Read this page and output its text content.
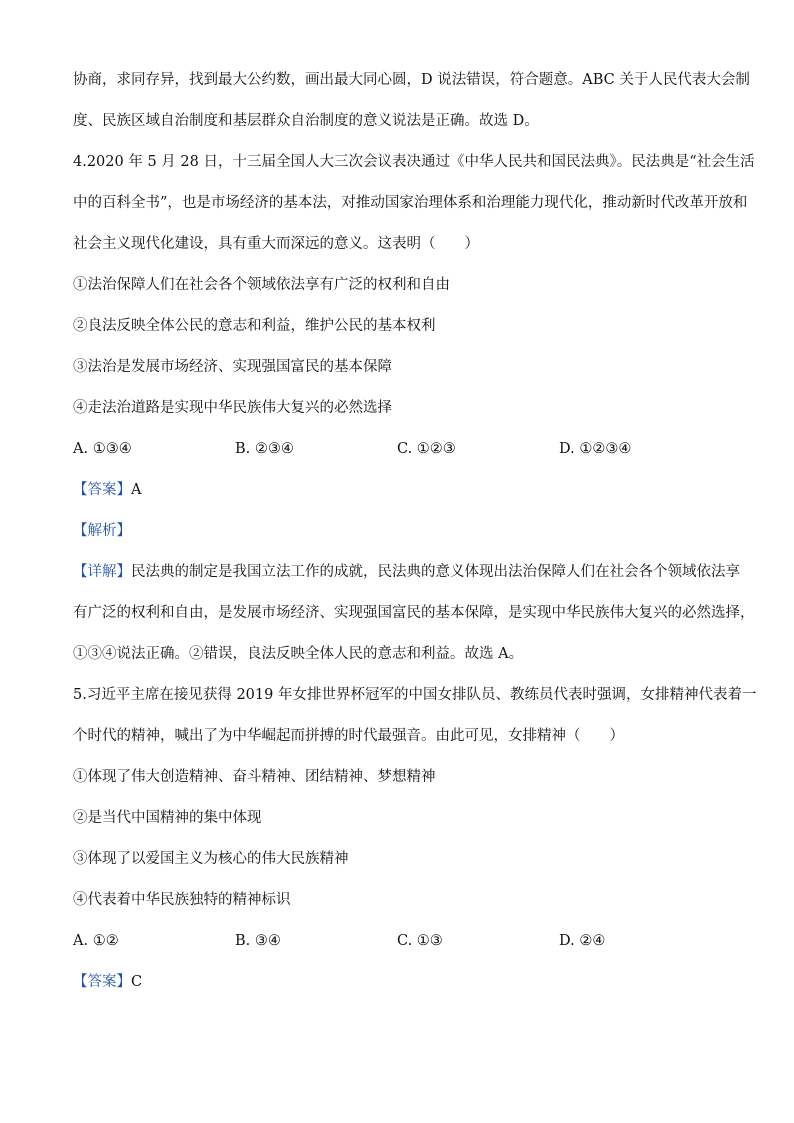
协商，求同存异，找到最大公约数，画出最大同心圆，D 说法错误，符合题意。ABC 关于人民代表大会制
度、民族区域自治制度和基层群众自治制度的意义说法是正确。故选 D。
4.2020 年 5 月 28 日，十三届全国人大三次会议表决通过《中华人民共和国民法典》。民法典是“社会生活
中的百科全书”，也是市场经济的基本法，对推动国家治理体系和治理能力现代化，推动新时代改革开放和
社会主义现代化建设，具有重大而深远的意义。这表明（　　）
①法治保障人们在社会各个领域依法享有广泛的权利和自由
②良法反映全体公民的意志和利益，维护公民的基本权利
③法治是发展市场经济、实现强国富民的基本保障
④走法治道路是实现中华民族伟大复兴的必然选择
A. ①③④	B. ②③④	C. ①②③	D. ①②③④
【答案】A
【解析】
【详解】民法典的制定是我国立法工作的成就，民法典的意义体现出法治保障人们在社会各个领域依法享
有广泛的权利和自由，是发展市场经济、实现强国富民的基本保障，是实现中华民族伟大复兴的必然选择，
①③④说法正确。②错误，良法反映全体人民的意志和利益。故选 A。
5.习近平主席在接见获得 2019 年女排世界杯冠军的中国女排队员、教练员代表时强调，女排精神代表着一
个时代的精神，喊出了为中华崛起而拼搏的时代最强音。由此可见，女排精神（　　）
①体现了伟大创造精神、奋斗精神、团结精神、梦想精神
②是当代中国精神的集中体现
③体现了以爱国主义为核心的伟大民族精神
④代表着中华民族独特的精神标识
A. ①②	B. ③④	C. ①③	D. ②④
【答案】C
